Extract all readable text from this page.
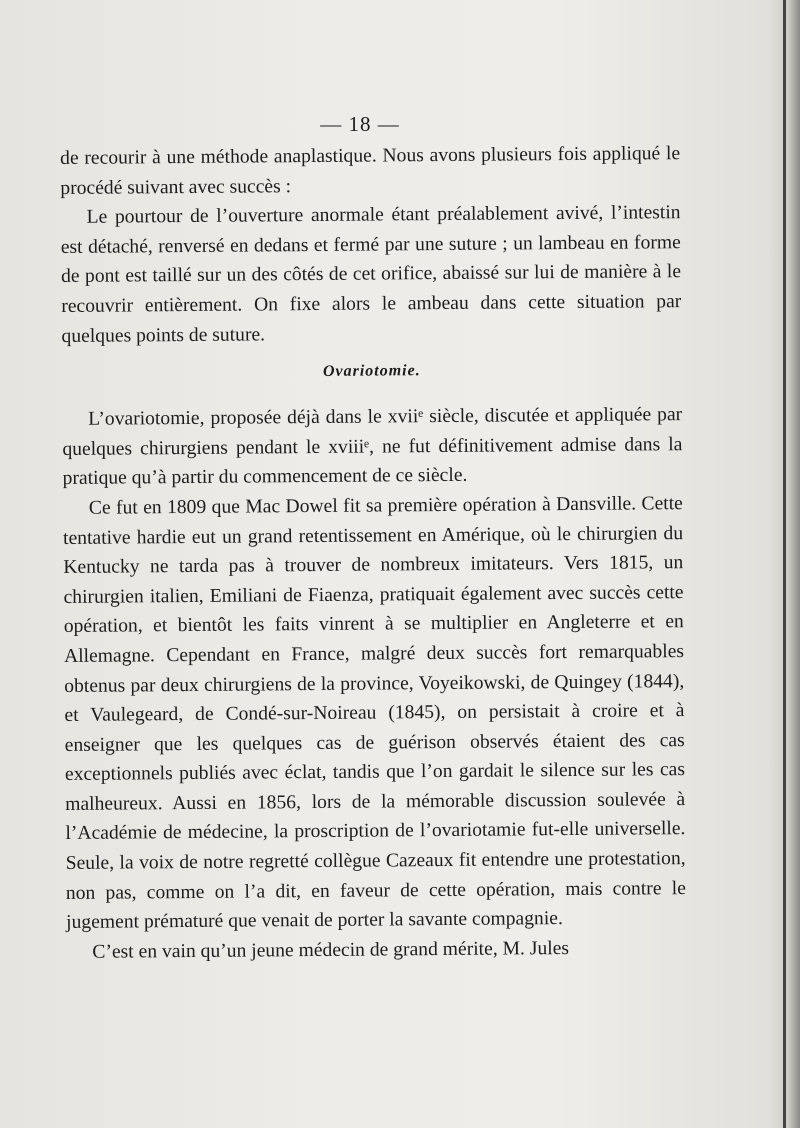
— 18 —

de recourir à une méthode anaplastique. Nous avons plusieurs fois appliqué le procédé suivant avec succès :

Le pourtour de l’ouverture anormale étant préalablement avivé, l’intestin est détaché, renversé en dedans et fermé par une suture ; un lambeau en forme de pont est taillé sur un des côtés de cet orifice, abaissé sur lui de manière à le recouvrir entièrement. On fixe alors le ambeau dans cette situation par quelques points de suture.

Ovariotomie.

L’ovariotomie, proposée déjà dans le xviiᵉ siècle, discutée et appliquée par quelques chirurgiens pendant le xviiiᵉ, ne fut définitivement admise dans la pratique qu’à partir du commencement de ce siècle.

Ce fut en 1809 que Mac Dowel fit sa première opération à Dansville. Cette tentative hardie eut un grand retentissement en Amérique, où le chirurgien du Kentucky ne tarda pas à trouver de nombreux imitateurs. Vers 1815, un chirurgien italien, Emiliani de Fiaenza, pratiquait également avec succès cette opération, et bientôt les faits vinrent à se multiplier en Angleterre et en Allemagne. Cependant en France, malgré deux succès fort remarquables obtenus par deux chirurgiens de la province, Voyeikowski, de Quingey (1844), et Vaulegeard, de Condé-sur-Noireau (1845), on persistait à croire et à enseigner que les quelques cas de guérison observés étaient des cas exceptionnels publiés avec éclat, tandis que l’on gardait le silence sur les cas malheureux. Aussi en 1856, lors de la mémorable discussion soulevée à l’Académie de médecine, la proscription de l’ovariotamie fut-elle universelle. Seule, la voix de notre regretté collègue Cazeaux fit entendre une protestation, non pas, comme on l’a dit, en faveur de cette opération, mais contre le jugement prématuré que venait de porter la savante compagnie.

C’est en vain qu’un jeune médecin de grand mérite, M. Jules
